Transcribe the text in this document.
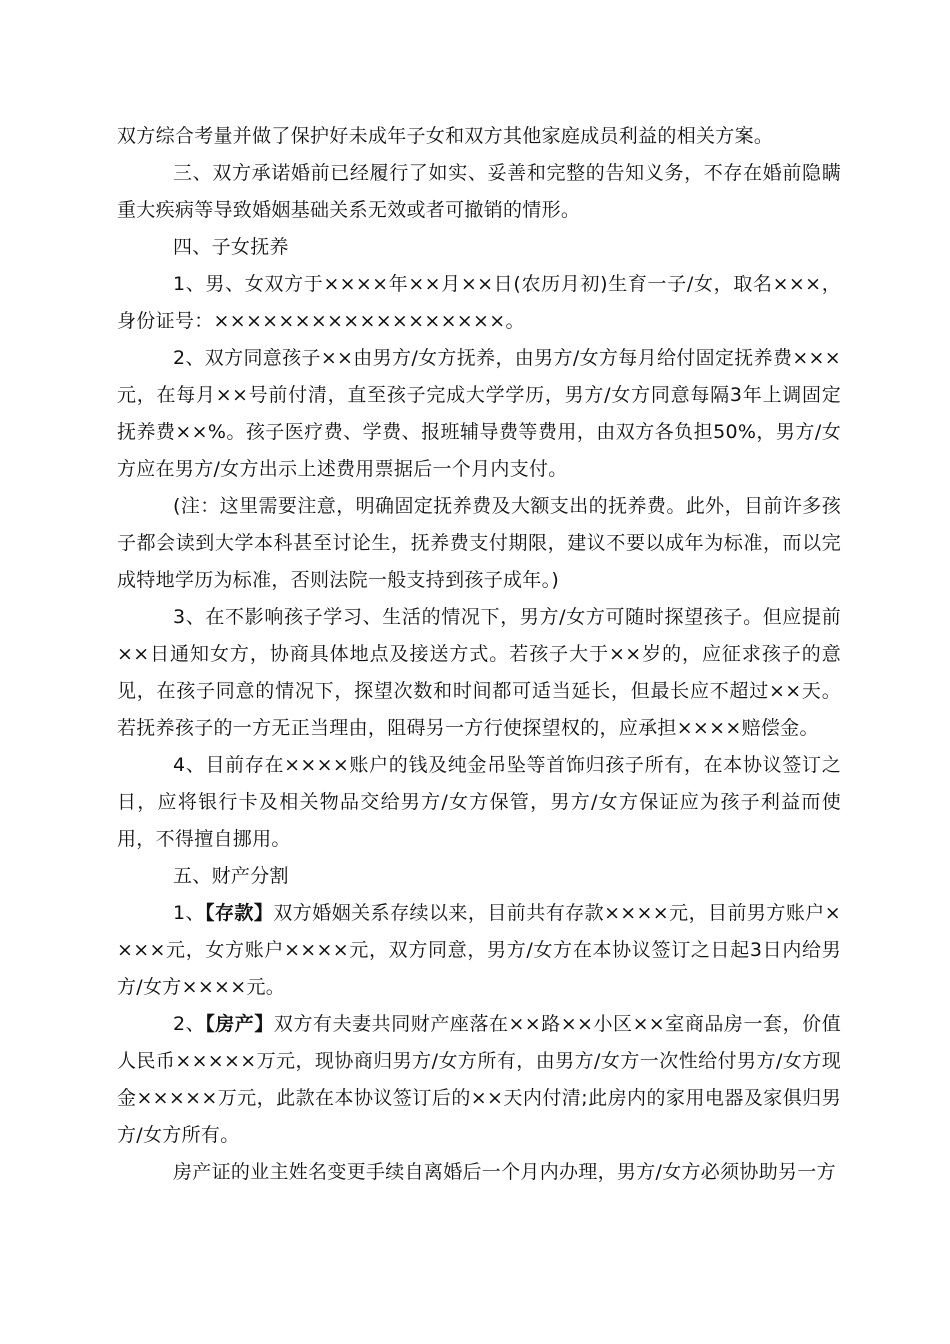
双方综合考量并做了保护好未成年子女和双方其他家庭成员利益的相关方案。

三、双方承诺婚前已经履行了如实、妥善和完整的告知义务，不存在婚前隐瞒重大疾病等导致婚姻基础关系无效或者可撤销的情形。

四、子女抚养

1、男、女双方于××××年××月××日(农历月初)生育一子/女，取名×××，身份证号：××××××××××××××××××。

2、双方同意孩子××由男方/女方抚养，由男方/女方每月给付固定抚养费×××元，在每月××号前付清，直至孩子完成大学学历，男方/女方同意每隔3年上调固定抚养费××%。孩子医疗费、学费、报班辅导费等费用，由双方各负担50%，男方/女方应在男方/女方出示上述费用票据后一个月内支付。

(注：这里需要注意，明确固定抚养费及大额支出的抚养费。此外，目前许多孩子都会读到大学本科甚至讨论生，抚养费支付期限，建议不要以成年为标准，而以完成特地学历为标准，否则法院一般支持到孩子成年。)

3、在不影响孩子学习、生活的情况下，男方/女方可随时探望孩子。但应提前××日通知女方，协商具体地点及接送方式。若孩子大于××岁的，应征求孩子的意见，在孩子同意的情况下，探望次数和时间都可适当延长，但最长应不超过××天。若抚养孩子的一方无正当理由，阻碍另一方行使探望权的，应承担××××赔偿金。

4、目前存在××××账户的钱及纯金吊坠等首饰归孩子所有，在本协议签订之日，应将银行卡及相关物品交给男方/女方保管，男方/女方保证应为孩子利益而使用，不得擅自挪用。

五、财产分割

1、【存款】双方婚姻关系存续以来，目前共有存款××××元，目前男方账户××××元，女方账户××××元，双方同意，男方/女方在本协议签订之日起3日内给男方/女方××××元。

2、【房产】双方有夫妻共同财产座落在××路××小区××室商品房一套，价值人民币×××××万元，现协商归男方/女方所有，由男方/女方一次性给付男方/女方现金×××××万元，此款在本协议签订后的××天内付清;此房内的家用电器及家俱归男方/女方所有。

房产证的业主姓名变更手续自离婚后一个月内办理，男方/女方必须协助另一方
